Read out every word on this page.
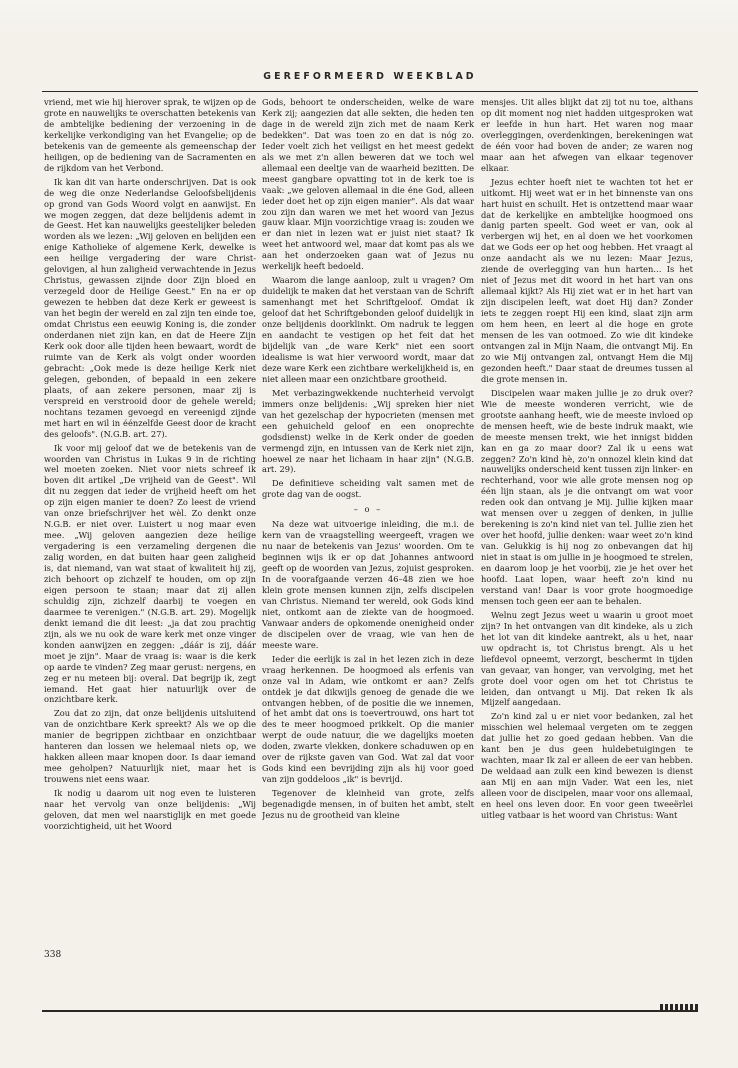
GEREFORMEERD WEEKBLAD

vriend, met wie hij hierover sprak, te wijzen op de grote en nauwelijks te overschatten betekenis van de ambtelijke bediening der verzoening in de kerkelijke verkondiging van het Evangelie; op de betekenis van de gemeente als gemeenschap der heiligen, op de bediening van de Sacramenten en de rijkdom van het Verbond.

Ik kan dit van harte onderschrijven. Dat is ook de weg die onze Nederlandse Geloofsbelijdenis op grond van Gods Woord volgt en aanwijst. En we mogen zeggen, dat deze belijdenis ademt in de Geest. Het kan nauwelijks geestelijker beleden worden als we lezen: „Wij geloven en belijden een enige Katholieke of algemene Kerk, dewelke is een heilige vergadering der ware Christ-gelovigen, al hun zaligheid verwachtende in Jezus Christus, gewassen zijnde door Zijn bloed en verzegeld door de Heilige Geest." En na er op gewezen te hebben dat deze Kerk er geweest is van het begin der wereld en zal zijn ten einde toe, omdat Christus een eeuwig Koning is, die zonder onderdanen niet zijn kan, en dat de Heere Zijn Kerk ook door alle tijden heen bewaart, wordt de ruimte van de Kerk als volgt onder woorden gebracht: „Ook mede is deze heilige Kerk niet gelegen, gebonden, of bepaald in een zekere plaats, of aan zekere personen, maar zij is verspreid en verstrooid door de gehele wereld; nochtans tezamen gevoegd en vereenigd zijnde met hart en wil in éénzelfde Geest door de kracht des geloofs". (N.G.B. art. 27).

Ik voor mij geloof dat we de betekenis van de woorden van Christus in Lukas 9 in de richting wel moeten zoeken. Niet voor niets schreef ik boven dit artikel „De vrijheid van de Geest". Wil dit nu zeggen dat ieder de vrijheid heeft om het op zijn eigen manier te doen? Zo leest de vriend van onze briefschrijver het wèl. Zo denkt onze N.G.B. er niet over. Luistert u nog maar even mee. „Wij geloven aangezien deze heilige vergadering is een verzameling dergenen die zalig worden, en dat buiten haar geen zaligheid is, dat niemand, van wat staat of kwaliteit hij zij, zich behoort op zichzelf te houden, om op zijn eigen persoon te staan; maar dat zij allen schuldig zijn, zichzelf daarbij te voegen en daarmee te verenigen." (N.G.B. art. 29). Mogelijk denkt iemand die dit leest: „ja dat zou prachtig zijn, als we nu ook de ware kerk met onze vinger konden aanwijzen en zeggen: „dáár is zij, dáár moet je zijn". Maar de vraag is: waar is die kerk op aarde te vinden? Zeg maar gerust: nergens, en zeg er nu meteen bij: overal. Dat begrijp ik, zegt iemand. Het gaat hier natuurlijk over de onzichtbare kerk.

Zou dat zo zijn, dat onze belijdenis uitsluitend van de onzichtbare Kerk spreekt? Als we op die manier de begrippen zichtbaar en onzichtbaar hanteren dan lossen we helemaal niets op, we hakken alleen maar knopen door. Is daar iemand mee geholpen? Natuurlijk niet, maar het is trouwens niet eens waar.

Ik nodig u daarom uit nog even te luisteren naar het vervolg van onze belijdenis: „Wij geloven, dat men wel naarstiglijk en met goede voorzichtigheid, uit het Woord

Gods, behoort te onderscheiden, welke de ware Kerk zij; aangezien dat alle sekten, die heden ten dage in de wereld zijn zich met de naam Kerk bedekken". Dat was toen zo en dat is nóg zo. Ieder voelt zich het veiligst en het meest gedekt als we met z'n allen beweren dat we toch wel allemaal een deeltje van de waarheid bezitten. De meest gangbare opvatting tot in de kerk toe is vaak: „we geloven allemaal in die éne God, alleen ieder doet het op zijn eigen manier". Als dat waar zou zijn dan waren we met het woord van Jezus gauw klaar. Mijn voorzichtige vraag is: zouden we er dan niet in lezen wat er juist niet staat? Ik weet het antwoord wel, maar dat komt pas als we aan het onderzoeken gaan wat of Jezus nu werkelijk heeft bedoeld.

Waarom die lange aanloop, zult u vragen? Om duidelijk te maken dat het verstaan van de Schrift samenhangt met het Schriftgeloof. Omdat ik geloof dat het Schriftgebonden geloof duidelijk in onze belijdenis doorklinkt. Om nadruk te leggen en aandacht te vestigen op het feit dat het bijdelijk van „de ware Kerk" niet een soort idealisme is wat hier verwoord wordt, maar dat deze ware Kerk een zichtbare werkelijkheid is, en niet alleen maar een onzichtbare grootheid.

Met verbazingwekkende nuchterheid vervolgt immers onze belijdenis: „Wij spreken hier niet van het gezelschap der hypocrieten (mensen met een gehuicheld geloof en een onoprechte godsdienst) welke in de Kerk onder de goeden vermengd zijn, en intussen van de Kerk niet zijn, hoewel ze naar het lichaam in haar zijn" (N.G.B. art. 29).

De definitieve scheiding valt samen met de grote dag van de oogst.

– o –

Na deze wat uitvoerige inleiding, die m.i. de kern van de vraagstelling weergeeft, vragen we nu naar de betekenis van Jezus' woorden. Om te beginnen wijs ik er op dat Johannes antwoord geeft op de woorden van Jezus, zojuist gesproken. In de voorafgaande verzen 46–48 zien we hoe klein grote mensen kunnen zijn, zelfs discipelen van Christus. Niemand ter wereld, ook Gods kind niet, ontkomt aan de ziekte van de hoogmoed. Vanwaar anders de opkomende onenigheid onder de discipelen over de vraag, wie van hen de meeste ware.

Ieder die eerlijk is zal in het lezen zich in deze vraag herkennen. De hoogmoed als erfenis van onze val in Adam, wie ontkomt er aan? Zelfs ontdek je dat dikwijls genoeg de genade die we ontvangen hebben, of de positie die we innemen, of het ambt dat ons is toevertrouwd, ons hart tot des te meer hoogmoed prikkelt. Op die manier werpt de oude natuur, die we dagelijks moeten doden, zwarte vlekken, donkere schaduwen op en over de rijkste gaven van God. Wat zal dat voor Gods kind een bevrijding zijn als hij voor goed van zijn goddeloos „ik" is bevrijd.

Tegenover de kleinheid van grote, zelfs begenadigde mensen, in of buiten het ambt, stelt Jezus nu de grootheid van kleine

mensjes. Uit alles blijkt dat zij tot nu toe, althans op dit moment nog niet hadden uitgesproken wat er leefde in hun hart. Het waren nog maar overleggingen, overdenkingen, berekeningen wat de één voor had boven de ander; ze waren nog maar aan het afwegen van elkaar tegenover elkaar.

Jezus echter hoeft niet te wachten tot het er uitkomt. Hij weet wat er in het binnenste van ons hart huist en schuilt. Het is ontzettend maar waar dat de kerkelijke en ambtelijke hoogmoed ons danig parten speelt. God weet er van, ook al verbergen wij het, en al doen we het voorkomen dat we Gods eer op het oog hebben. Het vraagt al onze aandacht als we nu lezen: Maar Jezus, ziende de overlegging van hun harten… Is het niet of Jezus met dit woord in het hart van ons allemaal kijkt? Als Hij ziet wat er in het hart van zijn discipelen leeft, wat doet Hij dan? Zonder iets te zeggen roept Hij een kind, slaat zijn arm om hem heen, en leert al die hoge en grote mensen de les van ootmoed. Zo wie dit kindeke ontvangen zal in Mijn Naam, die ontvangt Mij. En zo wie Mij ontvangen zal, ontvangt Hem die Mij gezonden heeft." Daar staat de dreumes tussen al die grote mensen in.

Discipelen waar maken jullie je zo druk over? Wie de meeste wonderen verricht, wie de grootste aanhang heeft, wie de meeste invloed op de mensen heeft, wie de beste indruk maakt, wie de meeste mensen trekt, wie het innigst bidden kan en ga zo maar door? Zal ik u eens wat zeggen? Zo'n kind hè, zo'n onnozel klein kind dat nauwelijks onderscheid kent tussen zijn linker- en rechterhand, voor wie alle grote mensen nog op één lijn staan, als je die ontvangt om wat voor reden ook dan ontvang je Mij. Jullie kijken maar wat mensen over u zeggen of denken, in jullie berekening is zo'n kind niet van tel. Jullie zien het over het hoofd, jullie denken: waar weet zo'n kind van. Gelukkig is hij nog zo onbevangen dat hij niet in staat is om jullie in je hoogmoed te strelen, en daarom loop je het voorbij, zie je het over het hoofd. Laat lopen, waar heeft zo'n kind nu verstand van! Daar is voor grote hoogmoedige mensen toch geen eer aan te behalen.

Welnu zegt Jezus weet u waarin u groot moet zijn? In het ontvangen van dit kindeke, als u zich het lot van dit kindeke aantrekt, als u het, naar uw opdracht is, tot Christus brengt. Als u het liefdevol opneemt, verzorgt, beschermt in tijden van gevaar, van honger, van vervolging, met het grote doel voor ogen om het tot Christus te leiden, dan ontvangt u Mij. Dat reken Ik als Mijzelf aangedaan.

Zo'n kind zal u er niet voor bedanken, zal het misschien wel helemaal vergeten om te zeggen dat jullie het zo goed gedaan hebben. Van die kant ben je dus geen huldebetuigingen te wachten, maar Ik zal er alleen de eer van hebben. De weldaad aan zulk een kind bewezen is dienst aan Mij en aan mijn Vader. Wat een les, niet alleen voor de discipelen, maar voor ons allemaal, en heel ons leven door. En voor geen tweeërlei uitleg vatbaar is het woord van Christus: Want

338
